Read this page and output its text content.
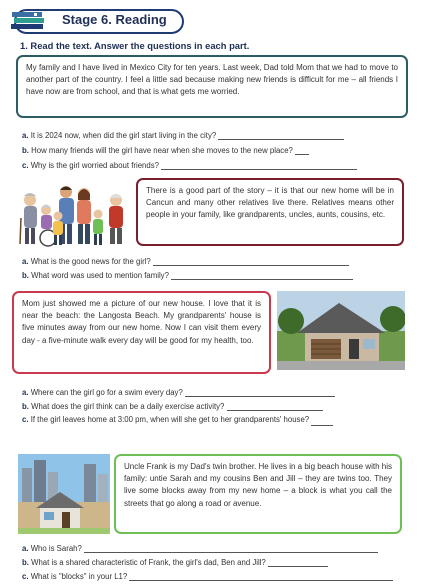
Stage 6. Reading
1. Read the text. Answer the questions in each part.
My family and I have lived in Mexico City for ten years. Last week, Dad told Mom that we had to move to another part of the country. I feel a little sad because making new friends is difficult for me – all friends I have now are from school, and that is what gets me worried.
a. It is 2024 now, when did the girl start living in the city?
b. How many friends will the girl have near when she moves to the new place?
c. Why is the girl worried about friends?
There is a good part of the story – it is that our new home will be in Cancun and many other relatives live there. Relatives means other people in your family, like grandparents, uncles, aunts, cousins, etc.
a. What is the good news for the girl?
b. What word was used to mention family?
Mom just showed me a picture of our new house. I love that it is near the beach: the Langosta Beach. My grandparents' house is five minutes away from our new home. Now I can visit them every day - a five-minute walk every day will be good for my health, too.
a. Where can the girl go for a swim every day?
b. What does the girl think can be a daily exercise activity?
c. If the girl leaves home at 3:00 pm, when will she get to her grandparents' house?
Uncle Frank is my Dad's twin brother. He lives in a big beach house with his family: untie Sarah and my cousins Ben and Jill – they are twins too. They live some blocks away from my new home – a block is what you call the streets that go along a road or avenue.
a. Who is Sarah?
b. What is a shared characteristic of Frank, the girl's dad, Ben and Jill?
c. What is "blocks" in your L1?
